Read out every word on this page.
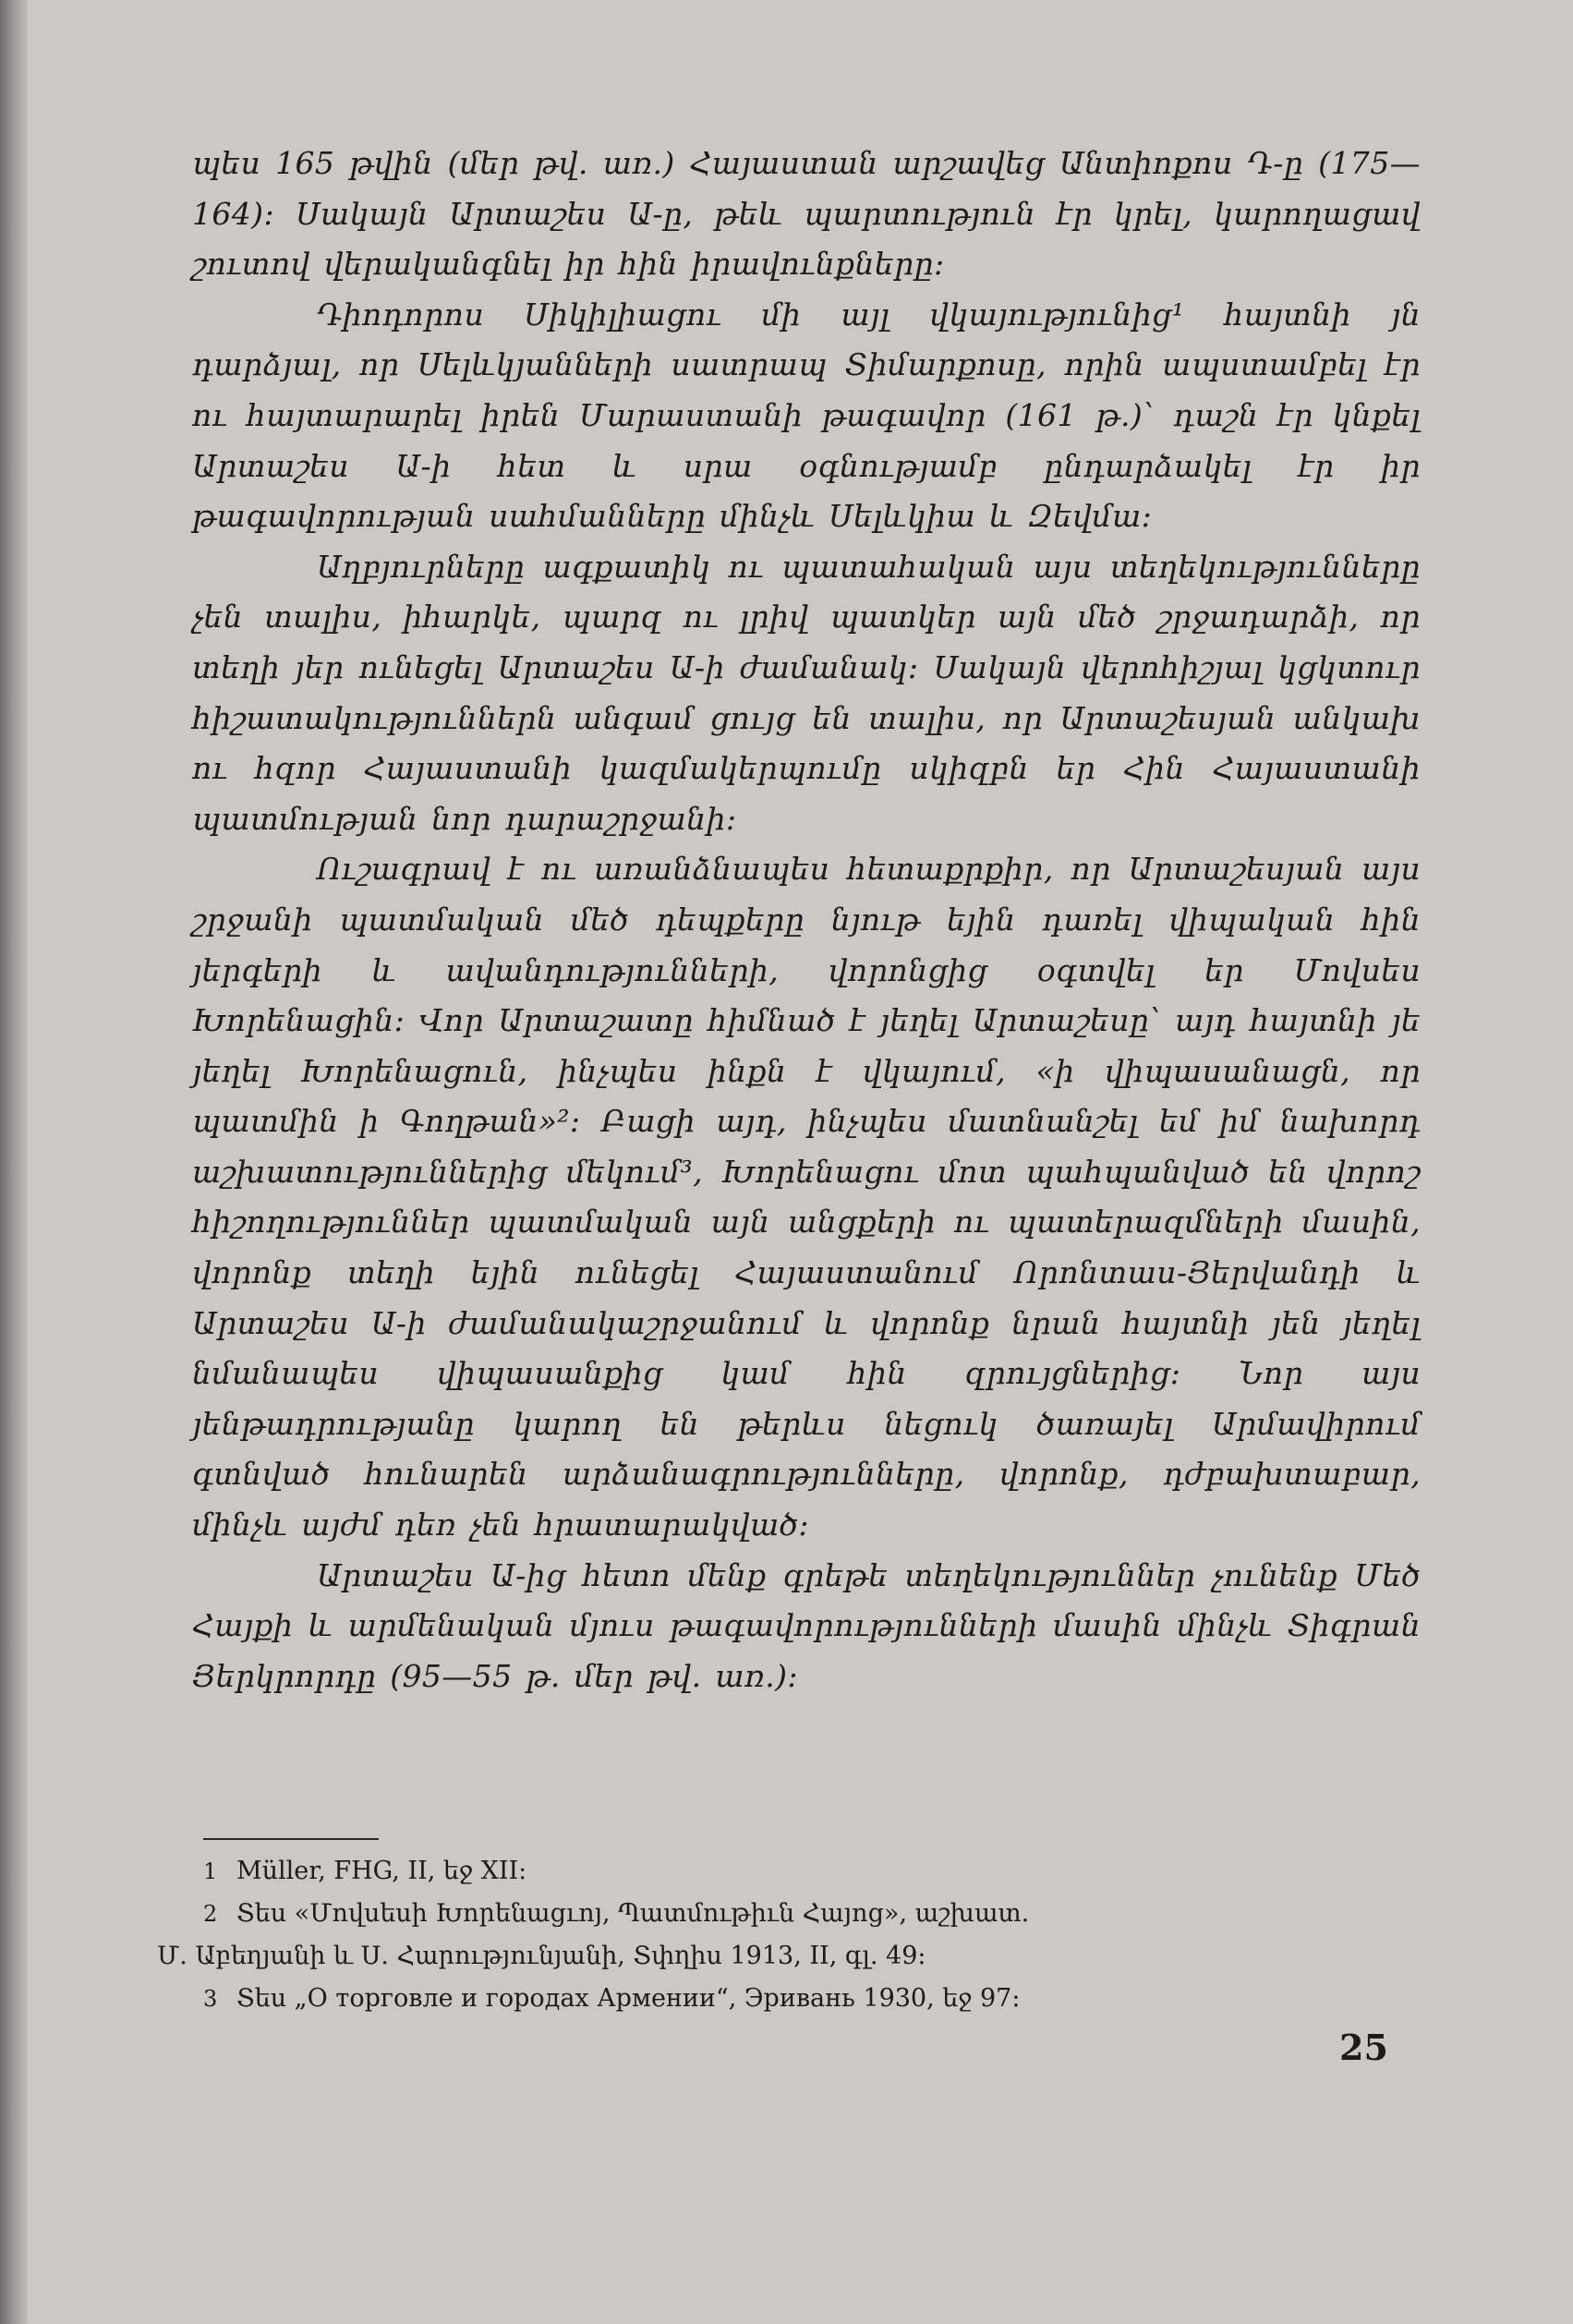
պես 165 թվին (մեր թվ. առ.) Հայաստան արշավեց Անտիոքոս Դ-ը (175—164)։ Սակայն Արտաշես Ա-ը, թեև պարտություն էր կրել, կարողացավ շուտով վերականգնել իր հին իրավունքները։

Դիոդորոս Սիկիլիացու մի այլ վկայությունից¹ հայտնի յն դարձյալ, որ Սելևկյանների սատրապ Տիմարքոսը, որին ապստամբել էր ու հայտարարել իրեն Մարաստանի թագավոր (161 թ.)՝ դաշն էր կնքել Արտաշես Ա-ի հետ և սրա օգնությամբ ընդարձակել էր իր թագավորության սահմանները մինչև Սելևկիա և Զեվմա։

Աղբյուրները ագքատիկ ու պատահական այս տեղեկությունները չեն տալիս, իհարկե, պարզ ու լրիվ պատկեր այն մեծ շրջադարձի, որ տեղի յեր ունեցել Արտաշես Ա-ի ժամանակ։ Սակայն վերոհիշյալ կցկտուր հիշատակություններն անգամ ցույց են տալիս, որ Արտաշեսյան անկախ ու հզոր Հայաստանի կազմակերպումը սկիզբն եր Հին Հայաստանի պատմության նոր դարաշրջանի։

Ուշագրավ է ու առանձնապես հետաքրքիր, որ Արտաշեսյան այս շրջանի պատմական մեծ դեպքերը նյութ եյին դառել վիպական հին յերգերի և ավանդությունների, վորոնցից օգտվել եր Մովսես Խորենացին։ Վոր Արտաշատը հիմնած է յեղել Արտաշեսը՝ այդ հայտնի յե յեղել Խորենացուն, ինչպես ինքն է վկայում, «ի վիպասանացն, որ պատմին ի Գողթան»²։ Բացի այդ, ինչպես մատնանշել եմ իմ նախորդ աշխատություններից մեկում³, Խորենացու մոտ պահպանված են վորոշ հիշողություններ պատմական այն անցքերի ու պատերազմների մասին, վորոնք տեղի եյին ունեցել Հայաստանում Որոնտաս-Յերվանդի և Արտաշես Ա-ի ժամանակաշրջանում և վորոնք նրան հայտնի յեն յեղել նմանապես վիպասանքից կամ հին զրույցներից։ Նոր այս յենթադրությանը կարող են թերևս նեցուկ ծառայել Արմավիրում գտնված հունարեն արձանագրությունները, վորոնք, դժբախտաբար, մինչև այժմ դեռ չեն հրատարակված։

Արտաշես Ա-ից հետո մենք գրեթե տեղեկություններ չունենք Մեծ Հայքի և արմենական մյուս թագավորությունների մասին մինչև Տիգրան Յերկրորդը (95—55 թ. մեր թվ. առ.)։

1 Müller, FHG, II, եջ XII:

2 Տես «Մովսեսի Խորենացւոյ, Պատմութիւն Հայոց», աշխատ.

Մ. Աբեղյանի և Ս. Հարությունյանի, Տփղիս 1913, II, գլ. 49։

3 Տես „О торговле и городах Армении“, Эривань 1930, եջ 97։

25
